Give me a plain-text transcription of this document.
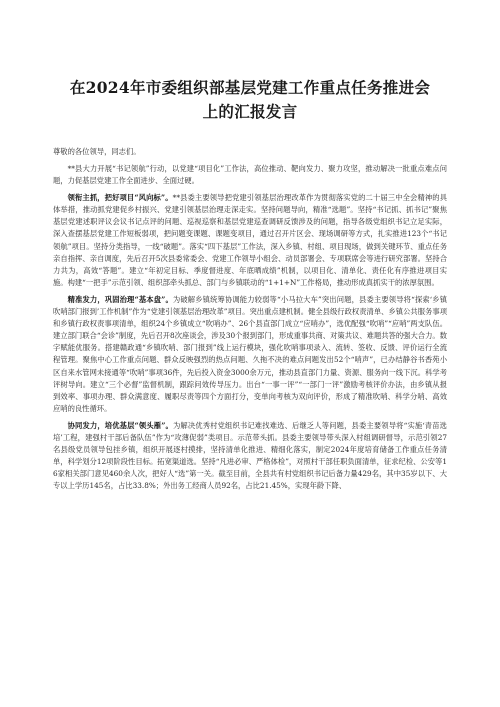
在2024年市委组织部基层党建工作重点任务推进会
上的汇报发言

尊敬的各位领导，同志们。

**县大力开展“书记领航”行动，以党建“项目化”工作法，高位推动、靶向发力、聚力攻坚，推动解决一批重点难点问题，力促基层党建工作全面进步、全面过硬。

领衔主抓，把好项目“风向标”。**县委主要领导把党建引领基层治理改革作为贯彻落实党的二十届三中全会精神的具体举措，推动抓党建促乡村振兴、党建引领基层治理走深走实。坚持问题导向，精准“选题”。坚持“书记抓、抓书记”聚焦基层党建述职评议会议书记点评的问题、巡视巡察和基层党建巡查调研反馈涉及的问题，指导各级党组织书记立足实际，深入查摆基层党建工作短板弱项，把问题变课题、课题变项目，通过召开片区会、现场调研等方式，扎实推进123个“书记领航”项目。坚持分类指导，一线“破题”。落实“四下基层”工作法，深入乡镇、村组、项目现场，做到关键环节、重点任务亲自指挥、亲自调度，先后召开5次县委常委会、党建工作领导小组会、动员部署会、专项联席会等进行研究部署。坚持合力共为，高效“答题”。建立“年初定目标、季度督进度、年底晒成绩”机制，以项目化、清单化、责任化有序推进项目实施。构建“一把手”示范引领、组织部牵头抓总、部门与乡镇联动的“1+1+N”工作格局，推动形成真抓实干的浓厚氛围。

精准发力，巩固治理“基本盘”。为破解乡镇统筹协调能力较弱等“小马拉大车”突出问题，县委主要领导将“探索‘乡镇吹哨部门报到’工作机制”作为“党建引领基层治理改革”项目。突出重点建机制。健全县级行政权责清单、乡镇公共服务事项和乡镇行政权责事项清单，组织24个乡镇成立“吹哨办”、26个县直部门成立“应哨办”，选优配强“吹哨”“应哨”两支队伍。建立部门联合“会诊”制度，先后召开8次座谈会，涉及30个报到部门，形成重事共商、对策共议、难题共答的强大合力。数字赋能优服务。搭建赣政通“乡镇吹哨、部门报到”线上运行模块，强化吹哨事项录入、流转、签收、反馈、评价运行全流程管理。聚焦中心工作重点问题、群众反映强烈的热点问题、久拖不决的难点问题发出52个“哨声”，已办结静谷书香苑小区自来水管网未接通等“吹哨”事项36件，先后投入资金3000余万元，推动县直部门力量、资源、服务向一线下沉。科学考评树导向。建立“三个必督”监督机制，跟踪问效传导压力。出台“一事一评”“一部门一评”激励考核评价办法，由乡镇从报到效率、事项办理、群众满意度、履职尽责等四个方面打分，变单向考核为双向评价，形成了精准吹哨、科学分哨、高效应哨的良性循环。

协同发力，培优基层“领头雁”。为解决优秀村党组织书记难找难选、后继乏人等问题，县委主要领导将“实施‘青苗选培’工程，建强村干部后备队伍”作为“攻薄促弱”类项目。示范带头抓。县委主要领导带头深入村组调研督导，示范引领27名县级党员领导包挂乡镇，组织开展逐村摸排，坚持清单化推进、精细化落实，制定2024年度培育储备工作重点任务清单，科学划分12项阶段性目标。拓宽渠道选。坚持“凡进必审、严格体检”，对照村干部任职负面清单，征求纪检、公安等16家相关部门意见460余人次，把好人“选”第一关。截至目前，全县共有村党组织书记后备力量429名，其中35岁以下、大专以上学历145名，占比33.8%；外出务工经商人员92名，占比21.45%，实现年龄下降、
